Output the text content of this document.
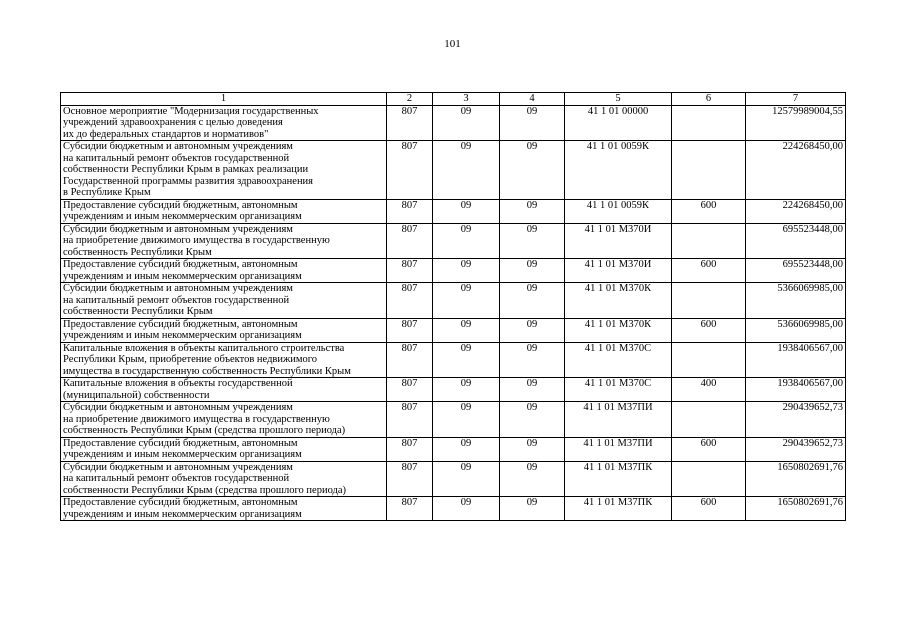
101
1	2	3	4	5	6	7

Основное мероприятие "Модернизация государственных
учреждений здравоохранения с целью доведения
их до федеральных стандартов и нормативов"	807	09	09	41 1 01 00000		12579989004,55

Субсидии бюджетным и автономным учреждениям
на капитальный ремонт объектов государственной
собственности Республики Крым в рамках реализации
Государственной программы развития здравоохранения
в Республике Крым	807	09	09	41 1 01 0059К		224268450,00

Предоставление субсидий бюджетным, автономным
учреждениям и иным некоммерческим организациям	807	09	09	41 1 01 0059К	600	224268450,00

Субсидии бюджетным и автономным учреждениям
на приобретение движимого имущества в государственную
собственность Республики Крым	807	09	09	41 1 01 М370И		695523448,00

Предоставление субсидий бюджетным, автономным
учреждениям и иным некоммерческим организациям	807	09	09	41 1 01 М370И	600	695523448,00

Субсидии бюджетным и автономным учреждениям
на капитальный ремонт объектов государственной
собственности Республики Крым	807	09	09	41 1 01 М370К		5366069985,00

Предоставление субсидий бюджетным, автономным
учреждениям и иным некоммерческим организациям	807	09	09	41 1 01 М370К	600	5366069985,00

Капитальные вложения в объекты капитального строительства
Республики Крым, приобретение объектов недвижимого
имущества в государственную собственность Республики Крым	807	09	09	41 1 01 М370С		1938406567,00

Капитальные вложения в объекты государственной
(муниципальной) собственности	807	09	09	41 1 01 М370С	400	1938406567,00

Субсидии бюджетным и автономным учреждениям
на приобретение движимого имущества в государственную
собственность Республики Крым (средства прошлого периода)	807	09	09	41 1 01 М37ПИ		290439652,73

Предоставление субсидий бюджетным, автономным
учреждениям и иным некоммерческим организациям	807	09	09	41 1 01 М37ПИ	600	290439652,73

Субсидии бюджетным и автономным учреждениям
на капитальный ремонт объектов государственной
собственности Республики Крым (средства прошлого периода)	807	09	09	41 1 01 М37ПК		1650802691,76

Предоставление субсидий бюджетным, автономным
учреждениям и иным некоммерческим организациям	807	09	09	41 1 01 М37ПК	600	1650802691,76
